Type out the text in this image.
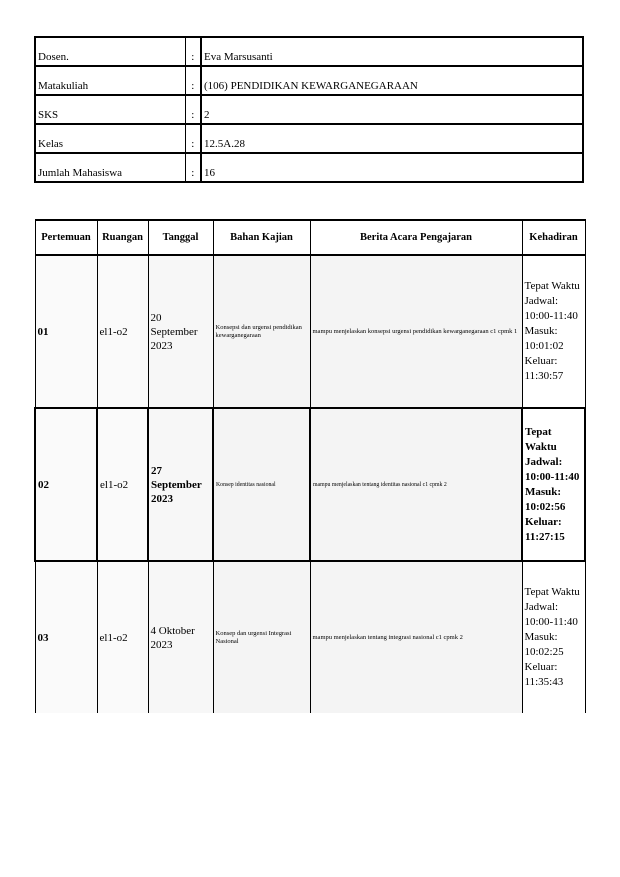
Dosen.	:	Eva Marsusanti
Matakuliah	:	(106) PENDIDIKAN KEWARGANEGARAAN
SKS	:	2
Kelas	:	12.5A.28
Jumlah Mahasiswa	:	16
Pertemuan	Ruangan	Tanggal	Bahan Kajian	Berita Acara Pengajaran	Kehadiran
01	el1-o2	20 September 2023	Konsepsi dan urgensi pendidikan kewarganegaraan	mampu menjelaskan konsepsi urgensi pendidikan kewarganegaraan c1 cpmk 1	Tepat Waktu Jadwal: 10:00-11:40 Masuk: 10:01:02 Keluar: 11:30:57
02	el1-o2	27 September 2023	Konsep identitas nasional	mampu menjelaskan tentang identitas nasional c1 cpmk 2	Tepat Waktu Jadwal: 10:00-11:40 Masuk: 10:02:56 Keluar: 11:27:15
03	el1-o2	4 Oktober 2023	Konsep dan urgensi Integrasi Nasional	mampu menjelaskan tentang integrasi nasional c1 cpmk 2	Tepat Waktu Jadwal: 10:00-11:40 Masuk: 10:02:25 Keluar: 11:35:43
